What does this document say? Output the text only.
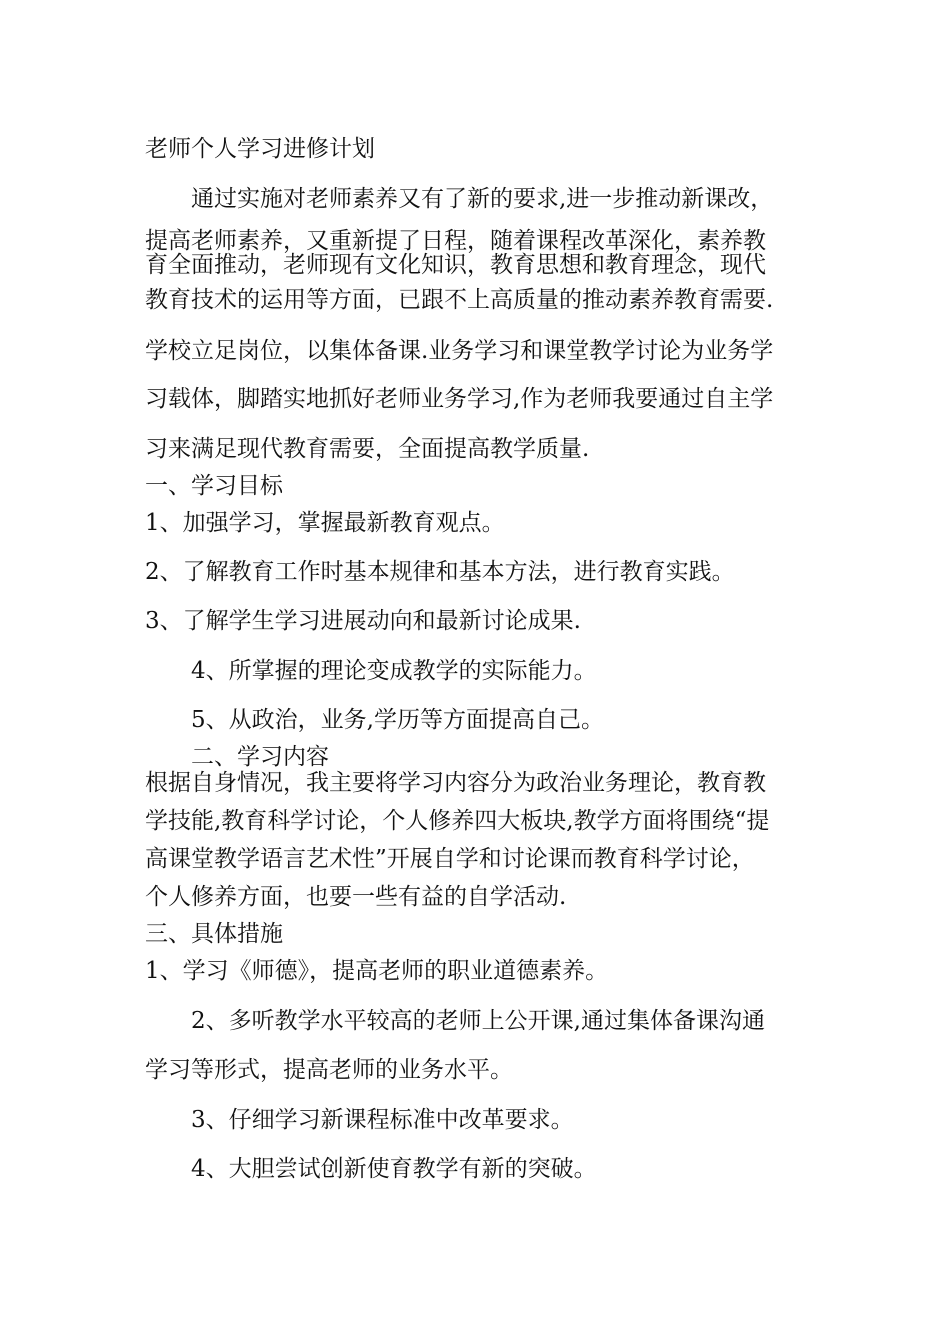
老师个人学习进修计划
通过实施对老师素养又有了新的要求,进一步推动新课改，
提高老师素养，又重新提了日程，随着课程改革深化，素养教
育全面推动，老师现有文化知识，教育思想和教育理念，现代
教育技术的运用等方面，已跟不上高质量的推动素养教育需要.
学校立足岗位，以集体备课.业务学习和课堂教学讨论为业务学
习载体，脚踏实地抓好老师业务学习,作为老师我要通过自主学
习来满足现代教育需要，全面提高教学质量.
一、学习目标
1、加强学习，掌握最新教育观点。
2、了解教育工作时基本规律和基本方法，进行教育实践。
3、了解学生学习进展动向和最新讨论成果.
4、所掌握的理论变成教学的实际能力。
5、从政治，业务,学历等方面提高自己。
二、学习内容
根据自身情况，我主要将学习内容分为政治业务理论，教育教
学技能,教育科学讨论，个人修养四大板块,教学方面将围绕“提
高课堂教学语言艺术性”开展自学和讨论课而教育科学讨论，
个人修养方面，也要一些有益的自学活动.
三、具体措施
1、学习《师德》，提高老师的职业道德素养。
2、多听教学水平较高的老师上公开课,通过集体备课沟通
学习等形式，提高老师的业务水平。
3、仔细学习新课程标准中改革要求。
4、大胆尝试创新使育教学有新的突破。
